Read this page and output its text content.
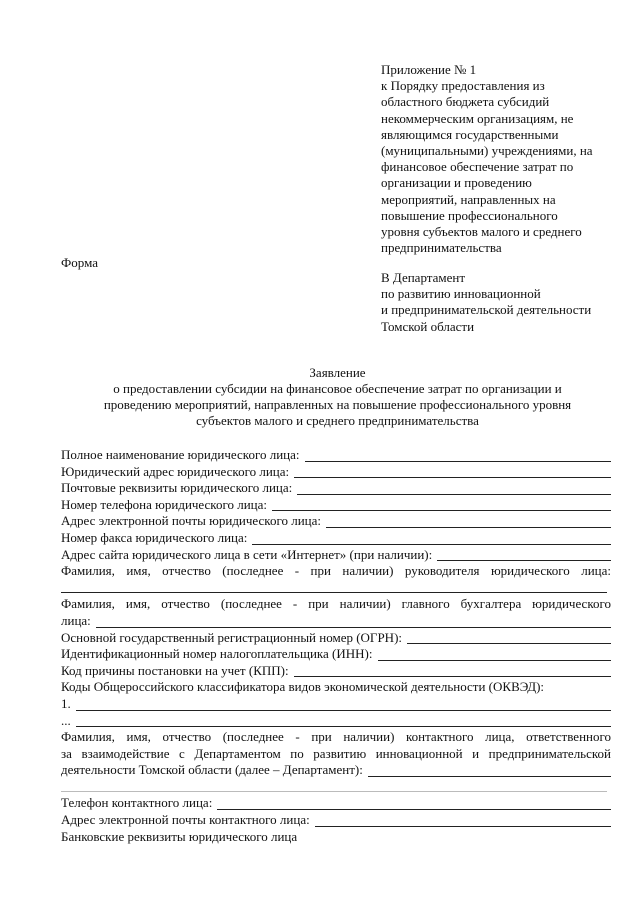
Приложение № 1
к Порядку предоставления из
областного бюджета субсидий
некоммерческим организациям, не
являющимся государственными
(муниципальными) учреждениями, на
финансовое обеспечение затрат по
организации и проведению
мероприятий, направленных на
повышение профессионального
уровня субъектов малого и среднего
предпринимательства
Форма
В Департамент
по развитию инновационной
и предпринимательской деятельности
Томской области
Заявление
о предоставлении субсидии на финансовое обеспечение затрат по организации и
проведению мероприятий, направленных на повышение профессионального уровня
субъектов малого и среднего предпринимательства
Полное наименование юридического лица:
Юридический адрес юридического лица:
Почтовые реквизиты юридического лица:
Номер телефона юридического лица:
Адрес электронной почты юридического лица:
Номер факса юридического лица:
Адрес сайта юридического лица в сети «Интернет» (при наличии):
Фамилия, имя, отчество (последнее - при наличии) руководителя юридического лица:
Фамилия, имя, отчество (последнее - при наличии) главного бухгалтера юридического
лица:
Основной государственный регистрационный номер (ОГРН):
Идентификационный номер налогоплательщика (ИНН):
Код причины постановки на учет (КПП):
Коды Общероссийского классификатора видов экономической деятельности (ОКВЭД):
1.
...
Фамилия, имя, отчество (последнее - при наличии) контактного лица, ответственного
за взаимодействие с Департаментом по развитию инновационной и предпринимательской
деятельности Томской области (далее – Департамент):
Телефон контактного лица:
Адрес электронной почты контактного лица:
Банковские реквизиты юридического лица
